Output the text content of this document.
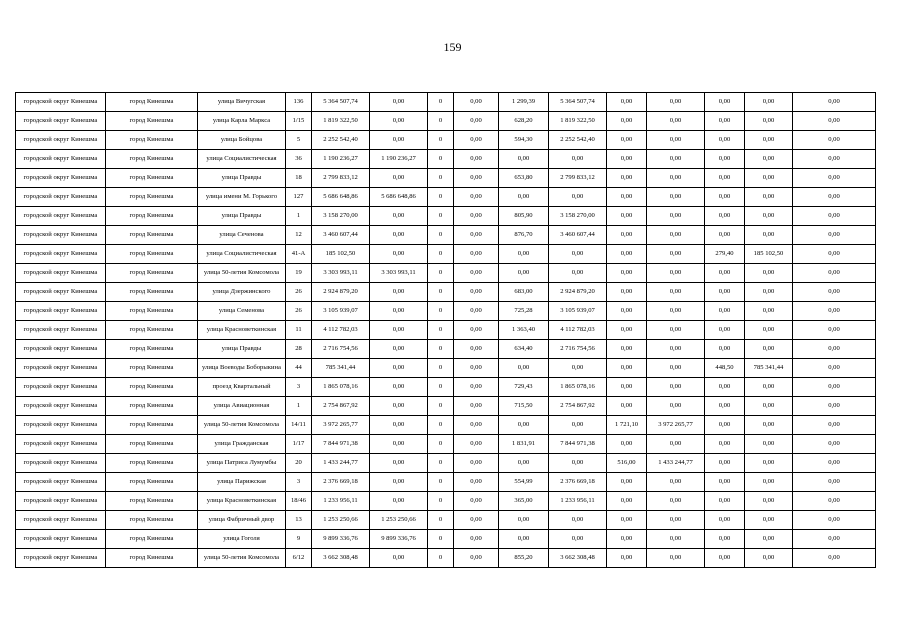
159
городской округ Кинешма	город Кинешма	улица Вичугская	136	5 364 507,74	0,00	0	0,00	1 299,39	5 364 507,74	0,00	0,00	0,00	0,00	0,00
городской округ Кинешма	город Кинешма	улица Карла Маркса	1/15	1 819 322,50	0,00	0	0,00	628,20	1 819 322,50	0,00	0,00	0,00	0,00	0,00
городской округ Кинешма	город Кинешма	улица Бойцова	5	2 252 542,40	0,00	0	0,00	594,30	2 252 542,40	0,00	0,00	0,00	0,00	0,00
городской округ Кинешма	город Кинешма	улица Социалистическая	36	1 190 236,27	1 190 236,27	0	0,00	0,00	0,00	0,00	0,00	0,00	0,00	0,00
городской округ Кинешма	город Кинешма	улица Правды	18	2 799 833,12	0,00	0	0,00	653,80	2 799 833,12	0,00	0,00	0,00	0,00	0,00
городской округ Кинешма	город Кинешма	улица имени М. Горького	127	5 686 648,86	5 686 648,86	0	0,00	0,00	0,00	0,00	0,00	0,00	0,00	0,00
городской округ Кинешма	город Кинешма	улица Правды	1	3 158 270,00	0,00	0	0,00	805,90	3 158 270,00	0,00	0,00	0,00	0,00	0,00
городской округ Кинешма	город Кинешма	улица Сеченова	12	3 460 607,44	0,00	0	0,00	876,70	3 460 607,44	0,00	0,00	0,00	0,00	0,00
городской округ Кинешма	город Кинешма	улица Социалистическая	41-А	185 102,50	0,00	0	0,00	0,00	0,00	0,00	0,00	279,40	185 102,50	0,00
городской округ Кинешма	город Кинешма	улица 50-летия Комсомола	19	3 303 993,11	3 303 993,11	0	0,00	0,00	0,00	0,00	0,00	0,00	0,00	0,00
городской округ Кинешма	город Кинешма	улица Дзержинского	26	2 924 879,20	0,00	0	0,00	683,00	2 924 879,20	0,00	0,00	0,00	0,00	0,00
городской округ Кинешма	город Кинешма	улица Семенова	26	3 105 939,07	0,00	0	0,00	725,28	3 105 939,07	0,00	0,00	0,00	0,00	0,00
городской округ Кинешма	город Кинешма	улица Красноветкинская	11	4 112 782,03	0,00	0	0,00	1 363,40	4 112 782,03	0,00	0,00	0,00	0,00	0,00
городской округ Кинешма	город Кинешма	улица Правды	28	2 716 754,56	0,00	0	0,00	634,40	2 716 754,56	0,00	0,00	0,00	0,00	0,00
городской округ Кинешма	город Кинешма	улица Воеводы Боборыкина	44	785 341,44	0,00	0	0,00	0,00	0,00	0,00	0,00	448,50	785 341,44	0,00
городской округ Кинешма	город Кинешма	проезд Квартальный	3	1 865 078,16	0,00	0	0,00	729,43	1 865 078,16	0,00	0,00	0,00	0,00	0,00
городской округ Кинешма	город Кинешма	улица Авиационная	1	2 754 867,92	0,00	0	0,00	715,50	2 754 867,92	0,00	0,00	0,00	0,00	0,00
городской округ Кинешма	город Кинешма	улица 50-летия Комсомола	14/11	3 972 265,77	0,00	0	0,00	0,00	0,00	1 721,10	3 972 265,77	0,00	0,00	0,00
городской округ Кинешма	город Кинешма	улица Гражданская	1/17	7 844 971,38	0,00	0	0,00	1 831,91	7 844 971,38	0,00	0,00	0,00	0,00	0,00
городской округ Кинешма	город Кинешма	улица Патриса Лумумбы	20	1 433 244,77	0,00	0	0,00	0,00	0,00	516,00	1 433 244,77	0,00	0,00	0,00
городской округ Кинешма	город Кинешма	улица Парижская	3	2 376 669,18	0,00	0	0,00	554,99	2 376 669,18	0,00	0,00	0,00	0,00	0,00
городской округ Кинешма	город Кинешма	улица Красноветкинская	18/46	1 233 956,11	0,00	0	0,00	365,00	1 233 956,11	0,00	0,00	0,00	0,00	0,00
городской округ Кинешма	город Кинешма	улица Фабричный двор	13	1 253 250,66	1 253 250,66	0	0,00	0,00	0,00	0,00	0,00	0,00	0,00	0,00
городской округ Кинешма	город Кинешма	улица Гоголя	9	9 899 336,76	9 899 336,76	0	0,00	0,00	0,00	0,00	0,00	0,00	0,00	0,00
городской округ Кинешма	город Кинешма	улица 50-летия Комсомола	6/12	3 662 308,48	0,00	0	0,00	855,20	3 662 308,48	0,00	0,00	0,00	0,00	0,00
